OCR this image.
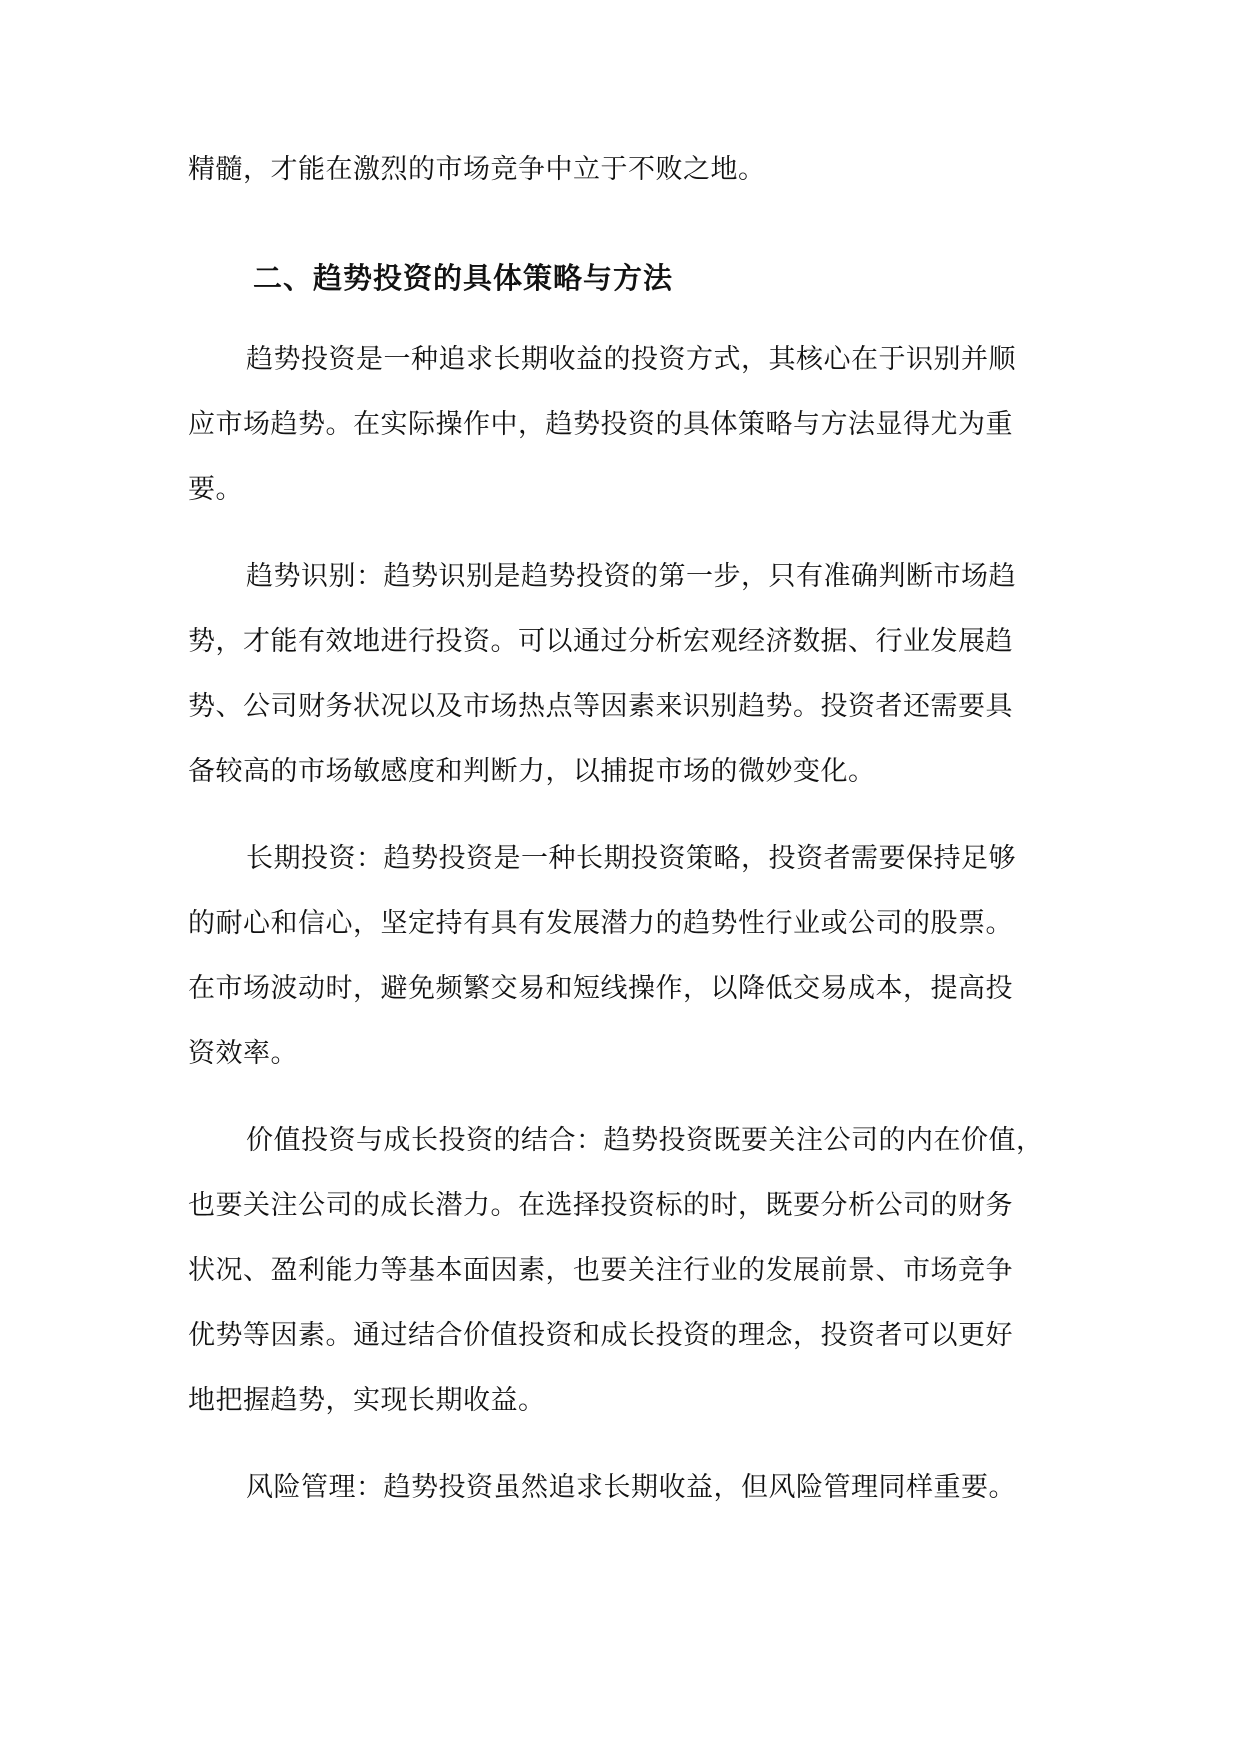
精髓，才能在激烈的市场竞争中立于不败之地。
二、趋势投资的具体策略与方法
趋势投资是一种追求长期收益的投资方式，其核心在于识别并顺
应市场趋势。在实际操作中，趋势投资的具体策略与方法显得尤为重
要。
趋势识别：趋势识别是趋势投资的第一步，只有准确判断市场趋
势，才能有效地进行投资。可以通过分析宏观经济数据、行业发展趋
势、公司财务状况以及市场热点等因素来识别趋势。投资者还需要具
备较高的市场敏感度和判断力，以捕捉市场的微妙变化。
长期投资：趋势投资是一种长期投资策略，投资者需要保持足够
的耐心和信心，坚定持有具有发展潜力的趋势性行业或公司的股票。
在市场波动时，避免频繁交易和短线操作，以降低交易成本，提高投
资效率。
价值投资与成长投资的结合：趋势投资既要关注公司的内在价值，
也要关注公司的成长潜力。在选择投资标的时，既要分析公司的财务
状况、盈利能力等基本面因素，也要关注行业的发展前景、市场竞争
优势等因素。通过结合价值投资和成长投资的理念，投资者可以更好
地把握趋势，实现长期收益。
风险管理：趋势投资虽然追求长期收益，但风险管理同样重要。
